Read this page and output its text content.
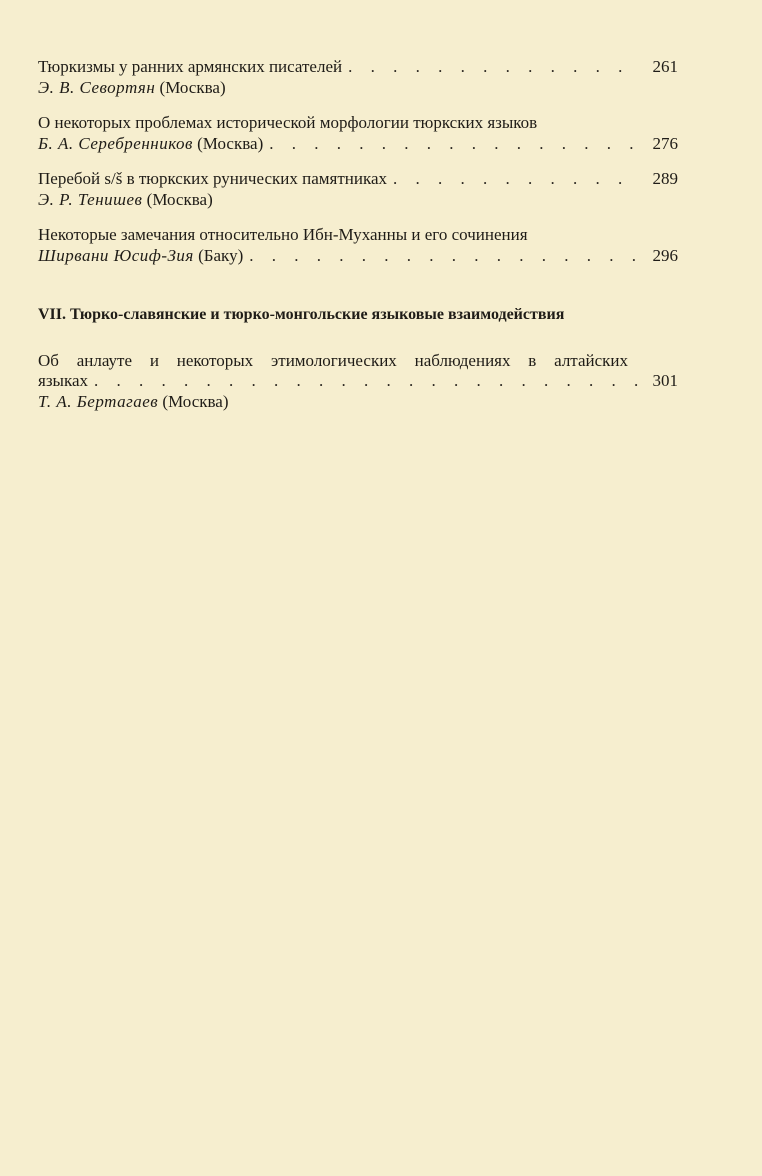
Тюркизмы у ранних армянских писателей . . .	261
Э. В. Севортян (Москва)
О некоторых проблемах исторической морфологии тюркских языков
Б. А. Серебренников (Москва) . . .	276
Перебой s/š в тюркских рунических памятниках . . .	289
Э. Р. Тенишев (Москва)
Некоторые замечания относительно Ибн-Муханны и его сочинения
Ширвани Юсиф-Зия (Баку) . . .	296
VII. Тюрко-славянские и тюрко-монгольские языковые взаимодействия
Об анлауте и некоторых этимологических наблюдениях в алтайских
языках . . .	301
Т. А. Бертагаев (Москва)
